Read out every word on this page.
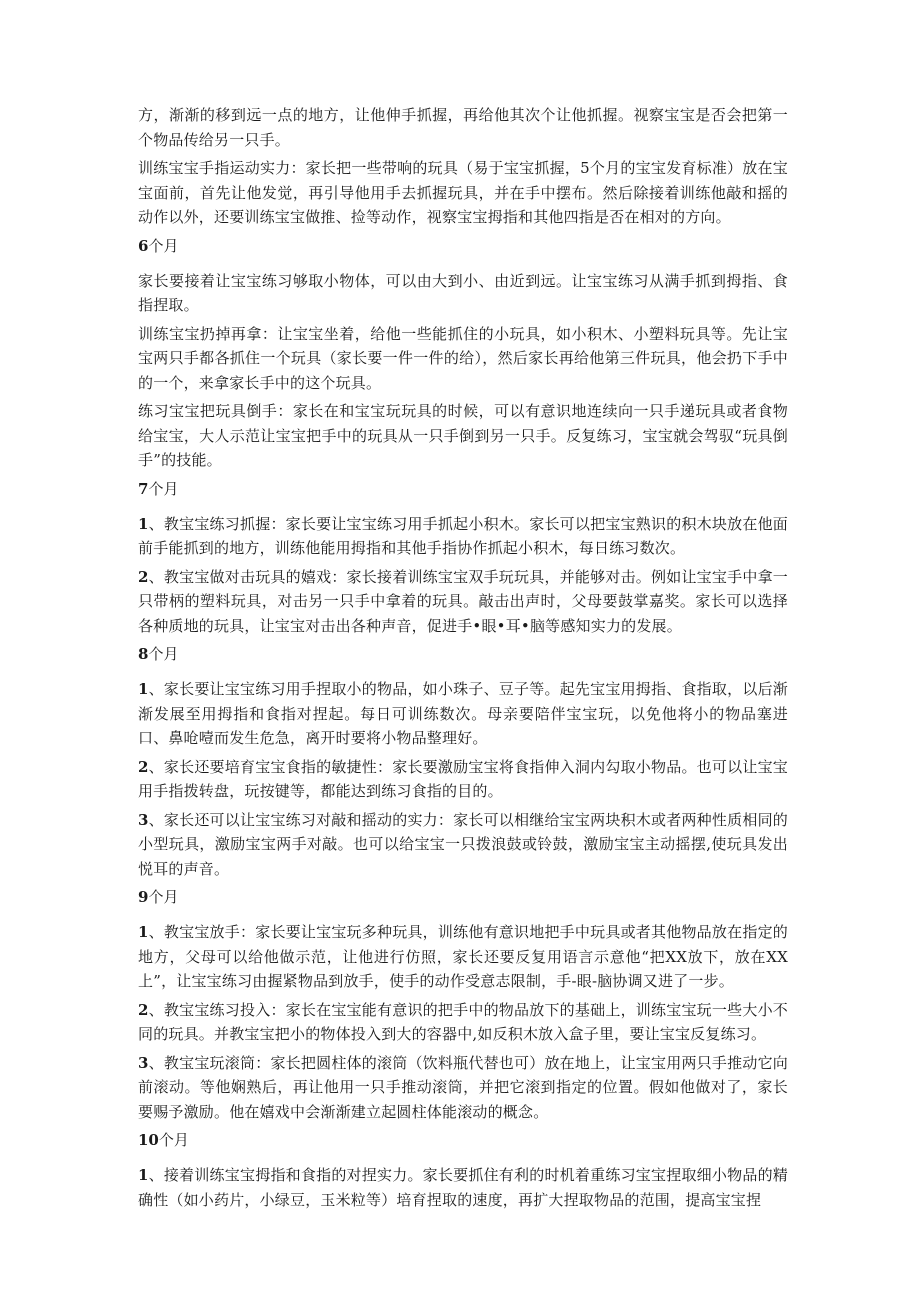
方，渐渐的移到远一点的地方，让他伸手抓握，再给他其次个让他抓握。视察宝宝是否会把第一个物品传给另一只手。

训练宝宝手指运动实力：家长把一些带响的玩具（易于宝宝抓握，5个月的宝宝发育标准）放在宝宝面前，首先让他发觉，再引导他用手去抓握玩具，并在手中摆布。然后除接着训练他敲和摇的动作以外，还要训练宝宝做推、捡等动作，视察宝宝拇指和其他四指是否在相对的方向。

6个月

家长要接着让宝宝练习够取小物体，可以由大到小、由近到远。让宝宝练习从满手抓到拇指、食指捏取。

训练宝宝扔掉再拿：让宝宝坐着，给他一些能抓住的小玩具，如小积木、小塑料玩具等。先让宝宝两只手都各抓住一个玩具（家长要一件一件的给），然后家长再给他第三件玩具，他会扔下手中的一个，来拿家长手中的这个玩具。

练习宝宝把玩具倒手：家长在和宝宝玩玩具的时候，可以有意识地连续向一只手递玩具或者食物给宝宝，大人示范让宝宝把手中的玩具从一只手倒到另一只手。反复练习，宝宝就会驾驭“玩具倒手”的技能。

7个月

1、教宝宝练习抓握：家长要让宝宝练习用手抓起小积木。家长可以把宝宝熟识的积木块放在他面前手能抓到的地方，训练他能用拇指和其他手指协作抓起小积木，每日练习数次。

2、教宝宝做对击玩具的嬉戏：家长接着训练宝宝双手玩玩具，并能够对击。例如让宝宝手中拿一只带柄的塑料玩具，对击另一只手中拿着的玩具。敲击出声时，父母要鼓掌嘉奖。家长可以选择各种质地的玩具，让宝宝对击出各种声音，促进手•眼•耳•脑等感知实力的发展。

8个月

1、家长要让宝宝练习用手捏取小的物品，如小珠子、豆子等。起先宝宝用拇指、食指取，以后渐渐发展至用拇指和食指对捏起。每日可训练数次。母亲要陪伴宝宝玩，以免他将小的物品塞进口、鼻呛噎而发生危急，离开时要将小物品整理好。

2、家长还要培育宝宝食指的敏捷性：家长要激励宝宝将食指伸入洞内勾取小物品。也可以让宝宝用手指拨转盘，玩按键等，都能达到练习食指的目的。

3、家长还可以让宝宝练习对敲和摇动的实力：家长可以相继给宝宝两块积木或者两种性质相同的小型玩具，激励宝宝两手对敲。也可以给宝宝一只拨浪鼓或铃鼓，激励宝宝主动摇摆,使玩具发出悦耳的声音。

9个月

1、教宝宝放手：家长要让宝宝玩多种玩具，训练他有意识地把手中玩具或者其他物品放在指定的地方，父母可以给他做示范，让他进行仿照，家长还要反复用语言示意他“把XX放下，放在XX上”，让宝宝练习由握紧物品到放手，使手的动作受意志限制，手-眼-脑协调又进了一步。

2、教宝宝练习投入：家长在宝宝能有意识的把手中的物品放下的基础上，训练宝宝玩一些大小不同的玩具。并教宝宝把小的物体投入到大的容器中,如反积木放入盒子里，要让宝宝反复练习。

3、教宝宝玩滚筒：家长把圆柱体的滚筒（饮料瓶代替也可）放在地上，让宝宝用两只手推动它向前滚动。等他娴熟后，再让他用一只手推动滚筒，并把它滚到指定的位置。假如他做对了，家长要赐予激励。他在嬉戏中会渐渐建立起圆柱体能滚动的概念。

10个月

1、接着训练宝宝拇指和食指的对捏实力。家长要抓住有利的时机着重练习宝宝捏取细小物品的精确性（如小药片，小绿豆，玉米粒等）培育捏取的速度，再扩大捏取物品的范围，提高宝宝捏
